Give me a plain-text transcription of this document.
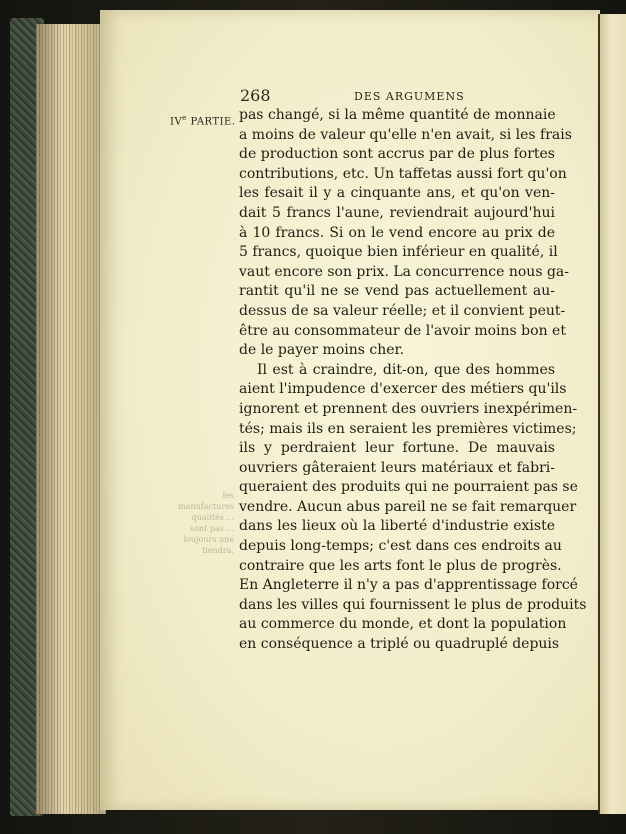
268	DES ARGUMENS
IVe PARTIE.
les manufactures qualités ... sont pas ... loujours une tiendra.
pas changé, si la même quantité de monnaie
a moins de valeur qu'elle n'en avait, si les frais
de production sont accrus par de plus fortes
contributions, etc. Un taffetas aussi fort qu'on
les fesait il y a cinquante ans, et qu'on ven-
dait 5 francs l'aune, reviendrait aujourd'hui
à 10 francs. Si on le vend encore au prix de
5 francs, quoique bien inférieur en qualité, il
vaut encore son prix. La concurrence nous ga-
rantit qu'il ne se vend pas actuellement au-
dessus de sa valeur réelle; et il convient peut-
être au consommateur de l'avoir moins bon et
de le payer moins cher.
Il est à craindre, dit-on, que des hommes
aient l'impudence d'exercer des métiers qu'ils
ignorent et prennent des ouvriers inexpérimen-
tés; mais ils en seraient les premières victimes;
ils y perdraient leur fortune. De mauvais
ouvriers gâteraient leurs matériaux et fabri-
queraient des produits qui ne pourraient pas se
vendre. Aucun abus pareil ne se fait remarquer
dans les lieux où la liberté d'industrie existe
depuis long-temps; c'est dans ces endroits au
contraire que les arts font le plus de progrès.
En Angleterre il n'y a pas d'apprentissage forcé
dans les villes qui fournissent le plus de produits
au commerce du monde, et dont la population
en conséquence a triplé ou quadruplé depuis
